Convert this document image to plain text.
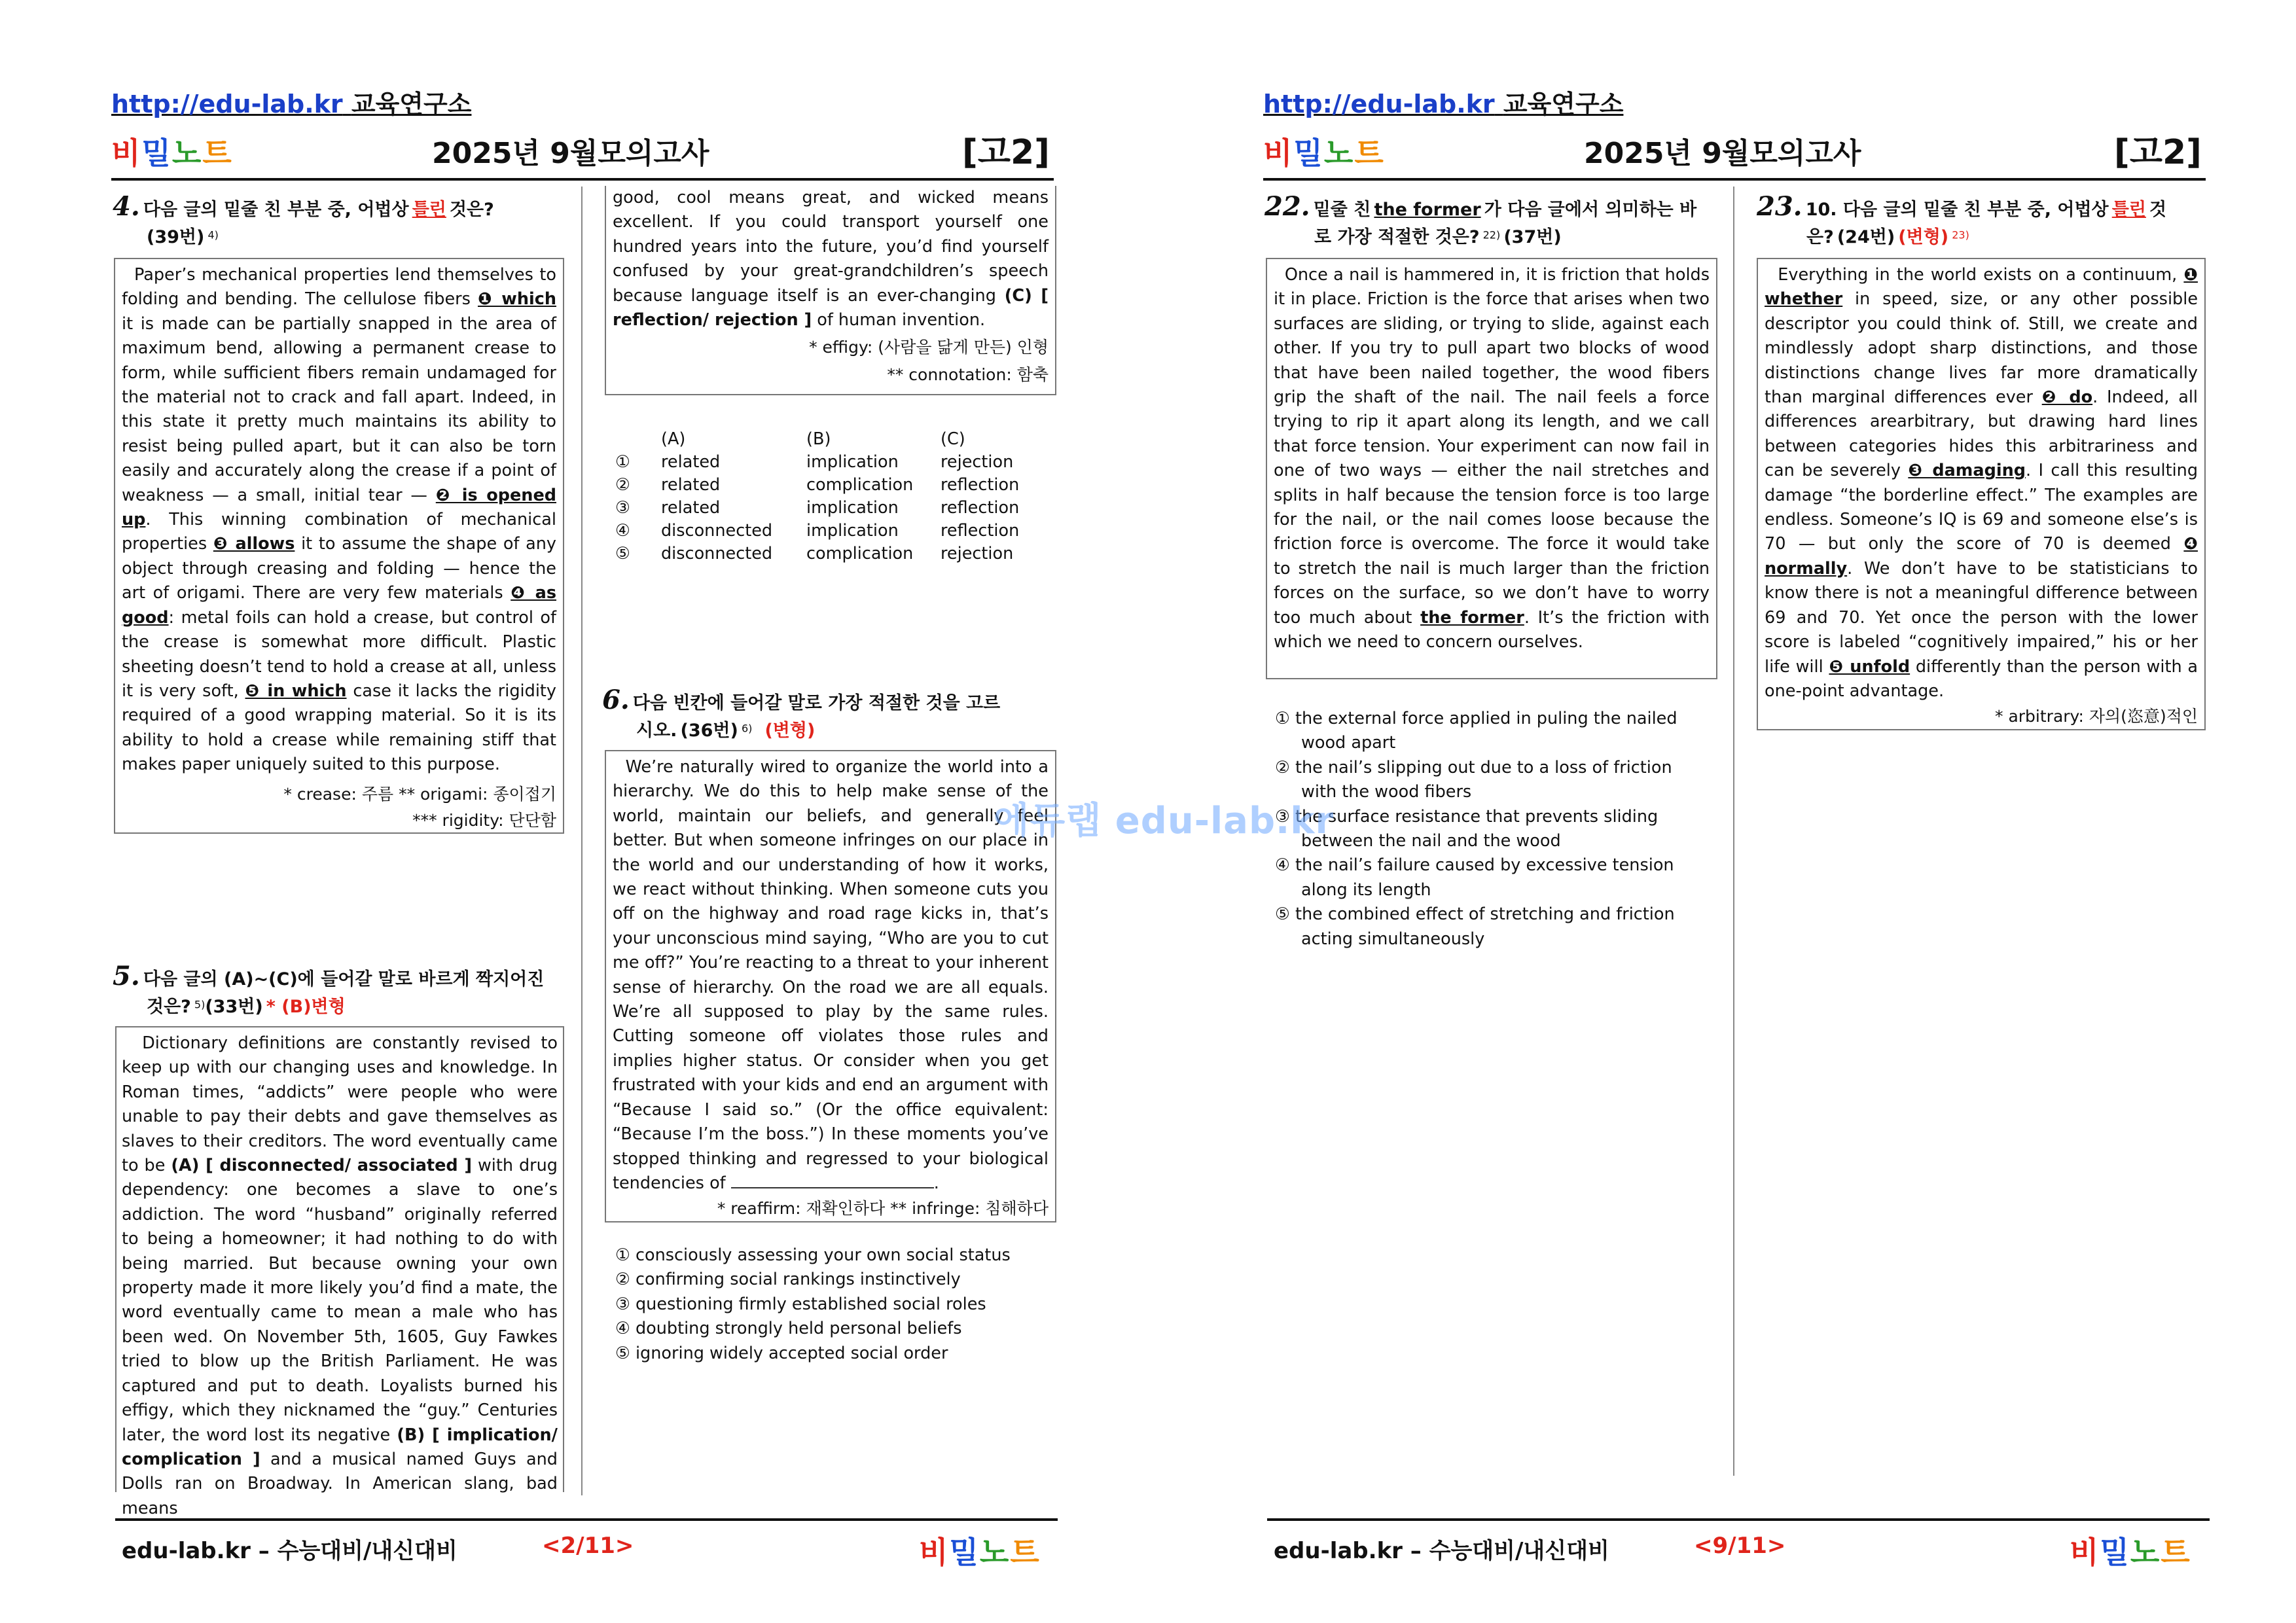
http://edu-lab.kr 교육연구소
비밀노트	2025년 9월모의고사	[고2]
4. 다음 글의 밑줄 친 부분 중, 어법상 틀린 것은?
(39번) 4)
Paper’s mechanical properties lend themselves to folding and bending. The cellulose fibers ❶ which it is made can be partially snapped in the area of maximum bend, allowing a permanent crease to form, while sufficient fibers remain undamaged for the material not to crack and fall apart. Indeed, in this state it pretty much maintains its ability to resist being pulled apart, but it can also be torn easily and accurately along the crease if a point of weakness — a small, initial tear — ❷ is opened up. This winning combination of mechanical properties ❸ allows it to assume the shape of any object through creasing and folding — hence the art of origami. There are very few materials ❹ as good: metal foils can hold a crease, but control of the crease is somewhat more difficult. Plastic sheeting doesn’t tend to hold a crease at all, unless it is very soft, ❺ in which case it lacks the rigidity required of a good wrapping material. So it is its ability to hold a crease while remaining stiff that makes paper uniquely suited to this purpose.
* crease: 주름 ** origami: 종이접기
*** rigidity: 단단함
5. 다음 글의 (A)~(C)에 들어갈 말로 바르게 짝지어진
것은? 5)(33번) * (B)변형
Dictionary definitions are constantly revised to keep up with our changing uses and knowledge. In Roman times, “addicts” were people who were unable to pay their debts and gave themselves as slaves to their creditors. The word eventually came to be (A) [ disconnected/ associated ] with drug dependency: one becomes a slave to one’s addiction. The word “husband” originally referred to being a homeowner; it had nothing to do with being married. But because owning your own property made it more likely you’d find a mate, the word eventually came to mean a male who has been wed. On November 5th, 1605, Guy Fawkes tried to blow up the British Parliament. He was captured and put to death. Loyalists burned his effigy, which they nicknamed the “guy.” Centuries later, the word lost its negative (B) [ implication/ complication ] and a musical named Guys and Dolls ran on Broadway. In American slang, bad means
good, cool means great, and wicked means excellent. If you could transport yourself one hundred years into the future, you’d find yourself confused by your great-grandchildren’s speech because language itself is an ever-changing (C) [ reflection/ rejection ] of human invention.
* effigy: (사람을 닮게 만든) 인형
** connotation: 함축
	(A)	(B)	(C)
①	related	implication	rejection
②	related	complication	reflection
③	related	implication	reflection
④	disconnected	implication	reflection
⑤	disconnected	complication	rejection
6. 다음 빈칸에 들어갈 말로 가장 적절한 것을 고르
시오. (36번) 6) (변형)
We’re naturally wired to organize the world into a hierarchy. We do this to help make sense of the world, maintain our beliefs, and generally feel better. But when someone infringes on our place in the world and our understanding of how it works, we react without thinking. When someone cuts you off on the highway and road rage kicks in, that’s your unconscious mind saying, “Who are you to cut me off?” You’re reacting to a threat to your inherent sense of hierarchy. On the road we are all equals. We’re all supposed to play by the same rules. Cutting someone off violates those rules and implies higher status. Or consider when you get frustrated with your kids and end an argument with “Because I said so.” (Or the office equivalent: “Because I’m the boss.”) In these moments you’ve stopped thinking and regressed to your biological tendencies of	.
* reaffirm: 재확인하다 ** infringe: 침해하다
① consciously assessing your own social status
② confirming social rankings instinctively
③ questioning firmly established social roles
④ doubting strongly held personal beliefs
⑤ ignoring widely accepted social order
edu-lab.kr – 수능대비/내신대비	<2/11>	비밀노트
http://edu-lab.kr 교육연구소
비밀노트	2025년 9월모의고사	[고2]
22. 밑줄 친 the former 가 다음 글에서 의미하는 바
로 가장 적절한 것은? 22) (37번)
Once a nail is hammered in, it is friction that holds it in place. Friction is the force that arises when two surfaces are sliding, or trying to slide, against each other. If you try to pull apart two blocks of wood that have been nailed together, the wood fibers grip the shaft of the nail. The nail feels a force trying to rip it apart along its length, and we call that force tension. Your experiment can now fail in one of two ways — either the nail stretches and splits in half because the tension force is too large for the nail, or the nail comes loose because the friction force is overcome. The force it would take to stretch the nail is much larger than the friction forces on the surface, so we don’t have to worry too much about the former. It’s the friction with which we need to concern ourselves.
① the external force applied in puling the nailed wood apart
② the nail’s slipping out due to a loss of friction with the wood fibers
③ the surface resistance that prevents sliding between the nail and the wood
④ the nail’s failure caused by excessive tension along its length
⑤ the combined effect of stretching and friction acting simultaneously
23. 10. 다음 글의 밑줄 친 부분 중, 어법상 틀린 것
은? (24번) (변형) 23)
Everything in the world exists on a continuum, ❶ whether in speed, size, or any other possible descriptor you could think of. Still, we create and mindlessly adopt sharp distinctions, and those distinctions change lives far more dramatically than marginal differences ever ❷ do. Indeed, all differences arearbitrary, but drawing hard lines between categories hides this arbitrariness and can be severely ❸ damaging. I call this resulting damage “the borderline effect.” The examples are endless. Someone’s IQ is 69 and someone else’s is 70 — but only the score of 70 is deemed ❹ normally. We don’t have to be statisticians to know there is not a meaningful difference between 69 and 70. Yet once the person with the lower score is labeled “cognitively impaired,” his or her life will ❺ unfold differently than the person with a one-point advantage.
* arbitrary: 자의(恣意)적인
edu-lab.kr – 수능대비/내신대비	<9/11>	비밀노트
에듀랩 edu-lab.kr
